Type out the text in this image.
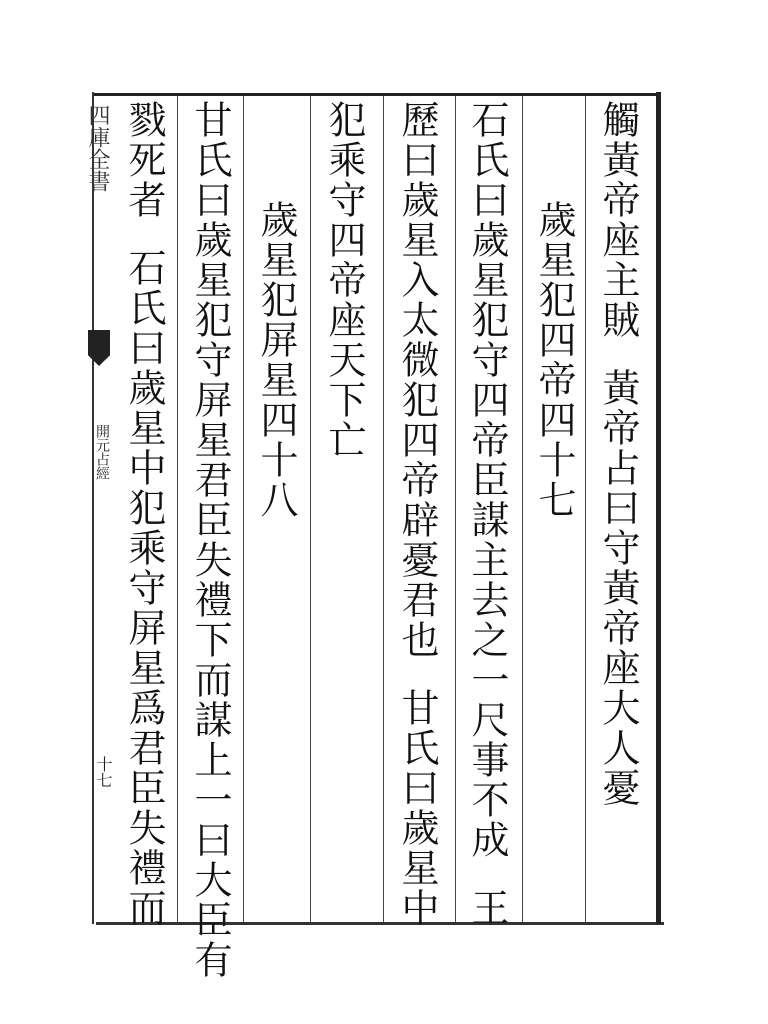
四庫全書
開元占經
十七
觸黃帝座主賊黃帝占曰守黃帝座大人憂
歲星犯四帝四十七
石氏曰歲星犯守四帝臣謀主去之一尺事不成王
歷曰歲星入太微犯四帝辟憂君也甘氏曰歲星中
犯乘守四帝座天下亡
歲星犯屏星四十八
甘氏曰歲星犯守屏星君臣失禮下而謀上一曰大臣有
戮死者石氏曰歲星中犯乘守屏星爲君臣失禮而
